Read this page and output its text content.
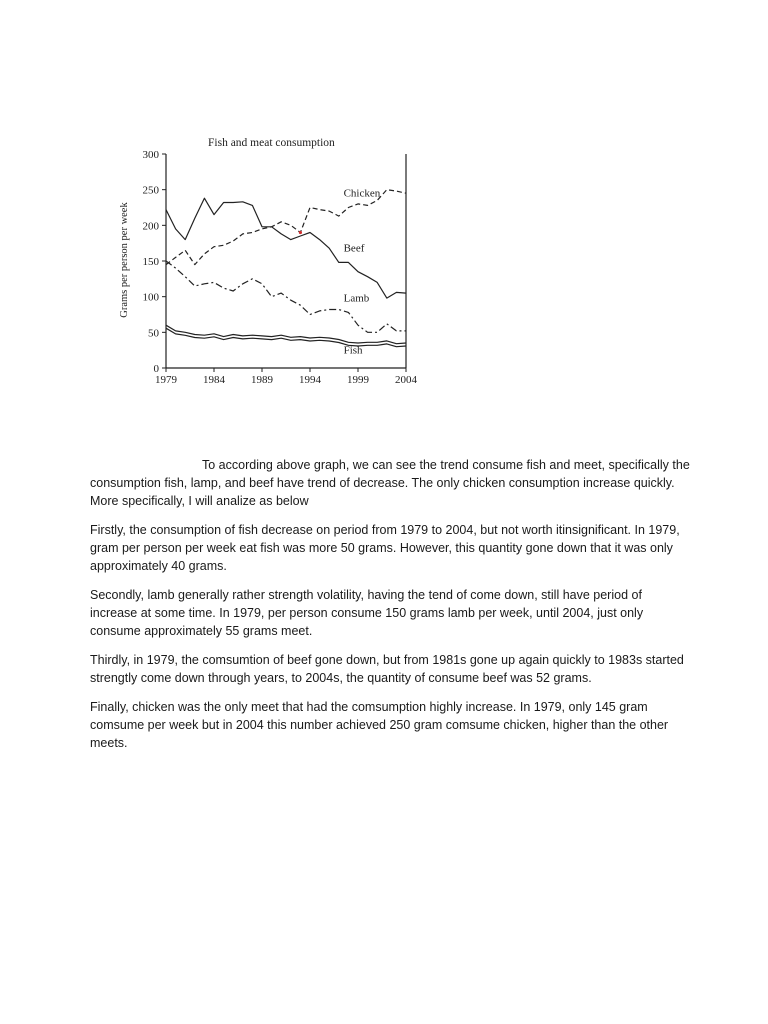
Fish and meat consumption
Grams per person per week
0
50
100
150
200
250
300
1979 1984 1989 1994 1999 2004
Chicken
Beef
Lamb
Fish

To according above graph, we can see the trend consume fish and meet, specifically the consumption fish, lamp, and beef have trend of decrease. The only chicken consumption increase quickly. More specifically, I will analize as below

Firstly, the consumption of fish decrease on period from 1979 to 2004, but not worth itinsignificant. In 1979, gram per person per week eat fish was more 50 grams. However, this quantity gone down that it was only approximately 40 grams.

Secondly, lamb generally rather strength volatility, having the tend of come down, still have period of increase at some time. In 1979, per person consume 150 grams lamb per week, until 2004, just only consume approximately 55 grams meet.

Thirdly, in 1979, the comsumtion of beef gone down, but from 1981s gone up again quickly to 1983s started strengtly come down through years, to 2004s, the quantity of consume beef was 52 grams.

Finally, chicken was the only meet that had the comsumption highly increase. In 1979, only 145 gram comsume per week but in 2004 this number achieved 250 gram comsume chicken, higher than the other meets.
